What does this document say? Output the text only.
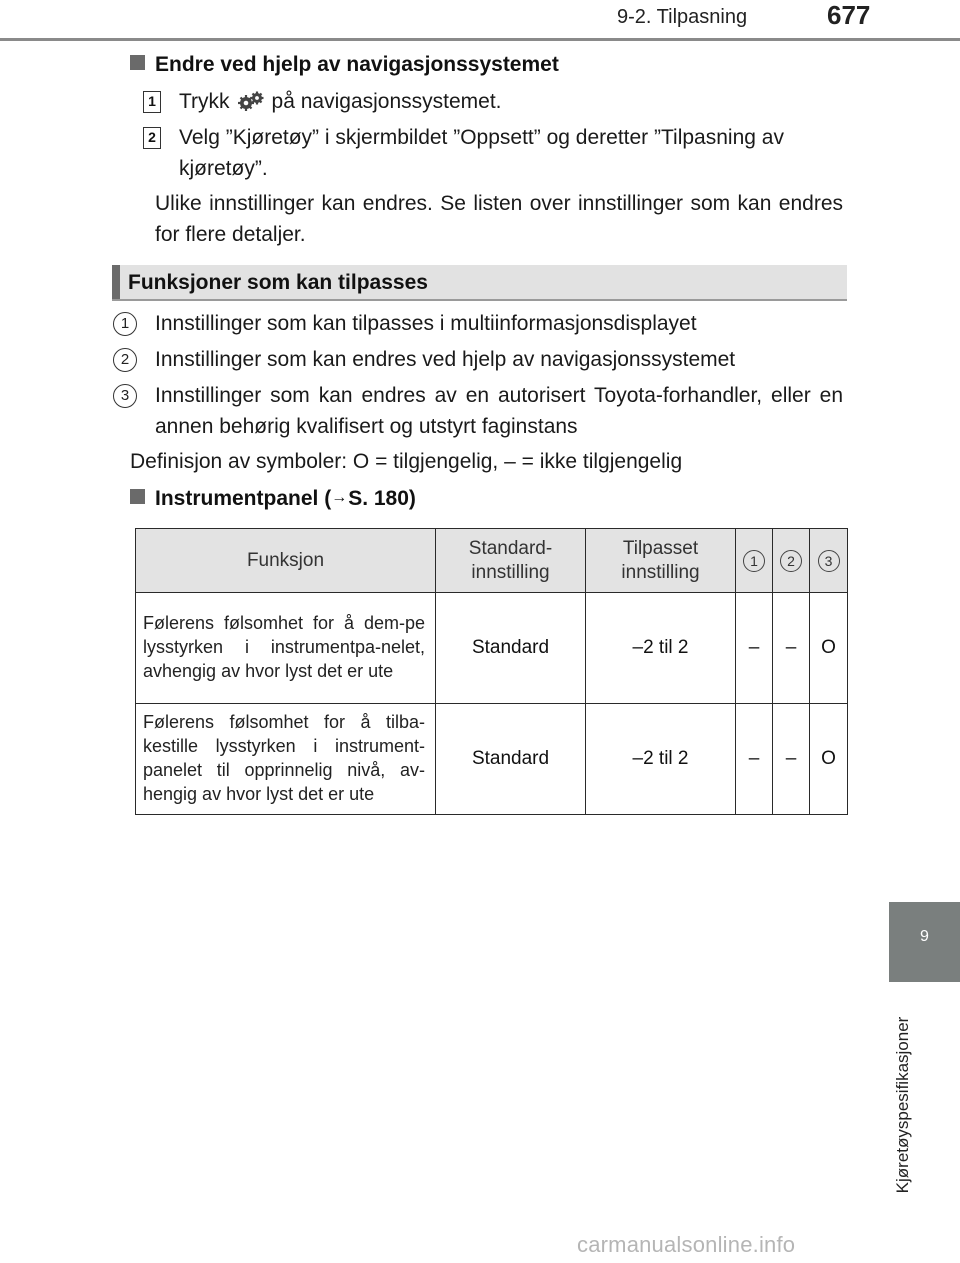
9-2. Tilpasning	677
9
Kjøretøyspesifikasjoner
Endre ved hjelp av navigasjonssystemet
1 Trykk på navigasjonssystemet.
2 Velg ”Kjøretøy” i skjermbildet ”Oppsett” og deretter ”Tilpasning av kjøretøy”.
Ulike innstillinger kan endres. Se listen over innstillinger som kan endres for flere detaljer.
Funksjoner som kan tilpasses
1	Innstillinger som kan tilpasses i multiinformasjonsdisplayet
2	Innstillinger som kan endres ved hjelp av navigasjonssystemet
3	Innstillinger som kan endres av en autorisert Toyota-forhandler, eller en annen behørig kvalifisert og utstyrt faginstans
Definisjon av symboler: O = tilgjengelig, – = ikke tilgjengelig
Instrumentpanel (→S. 180)
Funksjon	Standard-innstilling	Tilpasset innstilling	1	2	3
Følerens følsomhet for å dem-pe lysstyrken i instrumentpa-nelet, avhengig av hvor lyst det er ute	Standard	–2 til 2	–	–	O
Følerens følsomhet for å tilba-kestille lysstyrken i instrument-panelet til opprinnelig nivå, av-hengig av hvor lyst det er ute	Standard	–2 til 2	–	–	O
carmanualsonline.info
